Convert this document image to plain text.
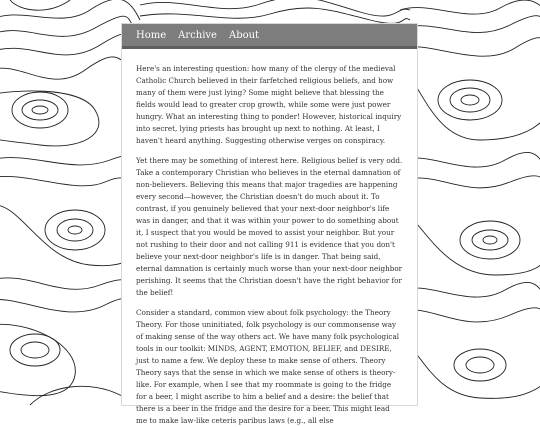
Home Archive About

Here's an interesting question: how many of the clergy of the medieval Catholic Church believed in their farfetched religious beliefs, and how many of them were just lying? Some might believe that blessing the fields would lead to greater crop growth, while some were just power hungry. What an interesting thing to ponder! However, historical inquiry into secret, lying priests has brought up next to nothing. At least, I haven't heard anything. Suggesting otherwise verges on conspiracy.

Yet there may be something of interest here. Religious belief is very odd. Take a contemporary Christian who believes in the eternal damnation of non-believers. Believing this means that major tragedies are happening every second—however, the Christian doesn't do much about it. To contrast, if you genuinely believed that your next-door neighbor's life was in danger, and that it was within your power to do something about it, I suspect that you would be moved to assist your neighbor. But your not rushing to their door and not calling 911 is evidence that you don't believe your next-door neighbor's life is in danger. That being said, eternal damnation is certainly much worse than your next-door neighbor perishing. It seems that the Christian doesn't have the right behavior for the belief!

Consider a standard, common view about folk psychology: the Theory Theory. For those uninitiated, folk psychology is our commonsense way of making sense of the way others act. We have many folk psychological tools in our toolkit: MINDS, AGENT, EMOTION, BELIEF, and DESIRE, just to name a few. We deploy these to make sense of others. Theory Theory says that the sense in which we make sense of others is theory-like. For example, when I see that my roommate is going to the fridge for a beer, I might ascribe to him a belief and a desire: the belief that there is a beer in the fridge and the desire for a beer. This might lead me to make law-like ceteris paribus laws (e.g., all else
